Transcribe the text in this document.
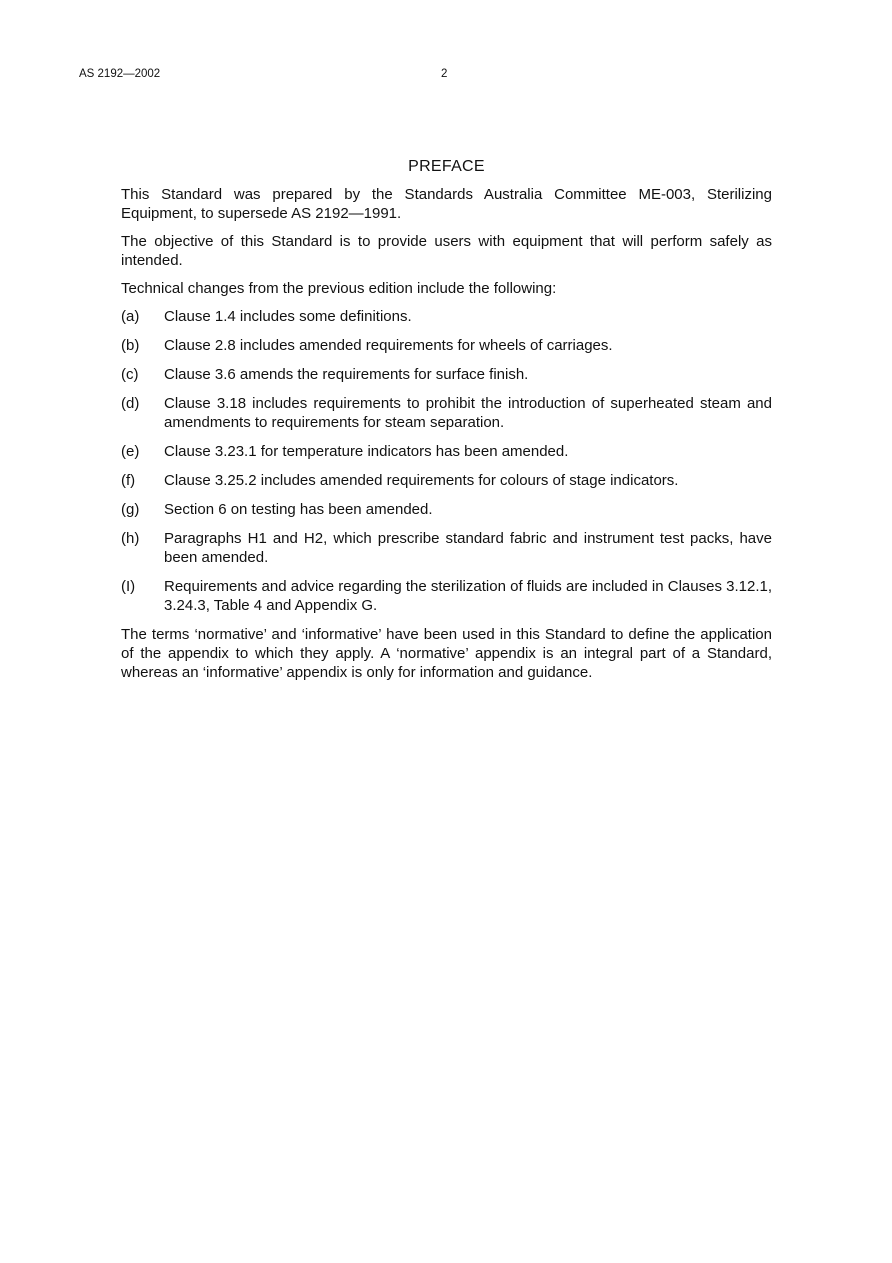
AS 2192—2002	2
PREFACE

This Standard was prepared by the Standards Australia Committee ME-003, Sterilizing Equipment, to supersede AS 2192—1991.

The objective of this Standard is to provide users with equipment that will perform safely as intended.

Technical changes from the previous edition include the following:

(a)	Clause 1.4 includes some definitions.
(b)	Clause 2.8 includes amended requirements for wheels of carriages.
(c)	Clause 3.6 amends the requirements for surface finish.
(d)	Clause 3.18 includes requirements to prohibit the introduction of superheated steam and amendments to requirements for steam separation.
(e)	Clause 3.23.1 for temperature indicators has been amended.
(f)	Clause 3.25.2 includes amended requirements for colours of stage indicators.
(g)	Section 6 on testing has been amended.
(h)	Paragraphs H1 and H2, which prescribe standard fabric and instrument test packs, have been amended.
(I)	Requirements and advice regarding the sterilization of fluids are included in Clauses 3.12.1, 3.24.3, Table 4 and Appendix G.

The terms ‘normative’ and ‘informative’ have been used in this Standard to define the application of the appendix to which they apply. A ‘normative’ appendix is an integral part of a Standard, whereas an ‘informative’ appendix is only for information and guidance.
